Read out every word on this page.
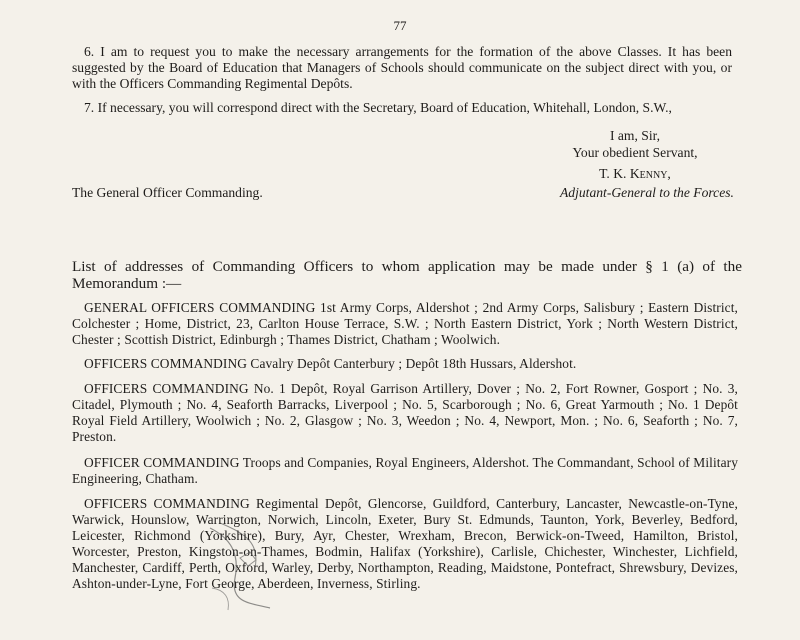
77
6. I am to request you to make the necessary arrangements for the formation of the above Classes. It has been suggested by the Board of Education that Managers of Schools should communicate on the subject direct with you, or with the Officers Commanding Regimental Depôts.
7. If necessary, you will correspond direct with the Secretary, Board of Education, Whitehall, London, S.W.,
I am, Sir,
Your obedient Servant,
T. K. Kenny,
The General Officer Commanding.	Adjutant-General to the Forces.
List of addresses of Commanding Officers to whom application may be made under § 1 (a) of the Memorandum :—
GENERAL OFFICERS COMMANDING 1st Army Corps, Aldershot ; 2nd Army Corps, Salisbury ; Eastern District, Colchester ; Home, District, 23, Carlton House Terrace, S.W. ; North Eastern District, York ; North Western District, Chester ; Scottish District, Edinburgh ; Thames District, Chatham ; Woolwich.
OFFICERS COMMANDING Cavalry Depôt Canterbury ; Depôt 18th Hussars, Aldershot.
OFFICERS COMMANDING No. 1 Depôt, Royal Garrison Artillery, Dover ; No. 2, Fort Rowner, Gosport ; No. 3, Citadel, Plymouth ; No. 4, Seaforth Barracks, Liverpool ; No. 5, Scarborough ; No. 6, Great Yarmouth ; No. 1 Depôt Royal Field Artillery, Woolwich ; No. 2, Glasgow ; No. 3, Weedon ; No. 4, Newport, Mon. ; No. 6, Seaforth ; No. 7, Preston.
OFFICER COMMANDING Troops and Companies, Royal Engineers, Aldershot. The Commandant, School of Military Engineering, Chatham.
OFFICERS COMMANDING Regimental Depôt, Glencorse, Guildford, Canterbury, Lancaster, Newcastle-on-Tyne, Warwick, Hounslow, Warrington, Norwich, Lincoln, Exeter, Bury St. Edmunds, Taunton, York, Beverley, Bedford, Leicester, Richmond (Yorkshire), Bury, Ayr, Chester, Wrexham, Brecon, Berwick-on-Tweed, Hamilton, Bristol, Worcester, Preston, Kingston-on-Thames, Bodmin, Halifax (Yorkshire), Carlisle, Chichester, Winchester, Lichfield, Manchester, Cardiff, Perth, Oxford, Warley, Derby, Northampton, Reading, Maidstone, Pontefract, Shrewsbury, Devizes, Ashton-under-Lyne, Fort George, Aberdeen, Inverness, Stirling.
